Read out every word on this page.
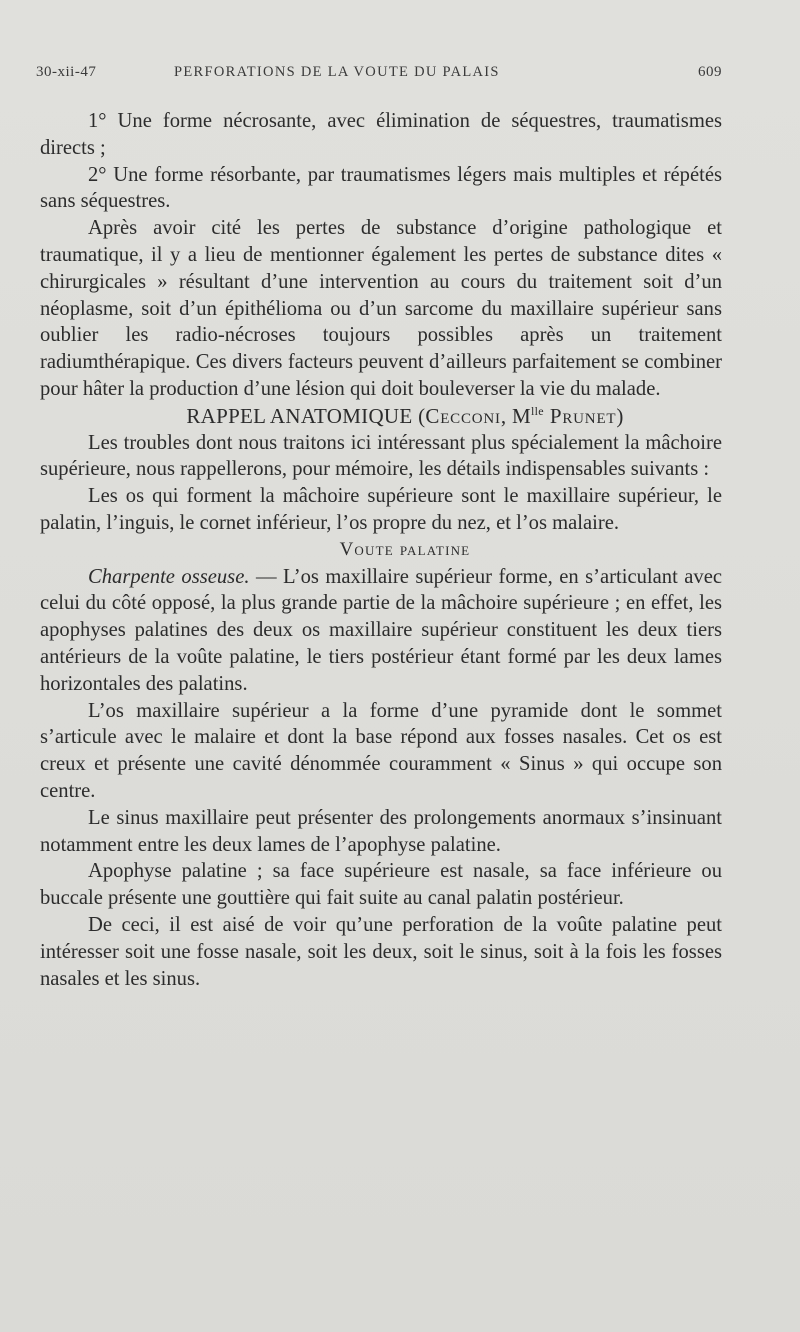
30-xii-47	PERFORATIONS DE LA VOUTE DU PALAIS	609

1° Une forme nécrosante, avec élimination de séquestres, traumatismes directs ;

2° Une forme résorbante, par traumatismes légers mais multiples et répétés sans séquestres.

Après avoir cité les pertes de substance d’origine pathologique et traumatique, il y a lieu de mentionner également les pertes de substance dites « chirurgicales » résultant d’une intervention au cours du traitement soit d’un néoplasme, soit d’un épithélioma ou d’un sarcome du maxillaire supérieur sans oublier les radio-nécroses toujours possibles après un traitement radiumthérapique. Ces divers facteurs peuvent d’ailleurs parfaitement se combiner pour hâter la production d’une lésion qui doit bouleverser la vie du malade.

RAPPEL ANATOMIQUE (Cecconi, $M^{lle}$ Prunet)

Les troubles dont nous traitons ici intéressant plus spécialement la mâchoire supérieure, nous rappellerons, pour mémoire, les détails indispensables suivants :

Les os qui forment la mâchoire supérieure sont le maxillaire supérieur, le palatin, l’inguis, le cornet inférieur, l’os propre du nez, et l’os malaire.

Voute palatine

Charpente osseuse. — L’os maxillaire supérieur forme, en s’articulant avec celui du côté opposé, la plus grande partie de la mâchoire supérieure ; en effet, les apophyses palatines des deux os maxillaire supérieur constituent les deux tiers antérieurs de la voûte palatine, le tiers postérieur étant formé par les deux lames horizontales des palatins.

L’os maxillaire supérieur a la forme d’une pyramide dont le sommet s’articule avec le malaire et dont la base répond aux fosses nasales. Cet os est creux et présente une cavité dénommée couramment « Sinus » qui occupe son centre.

Le sinus maxillaire peut présenter des prolongements anormaux s’insinuant notamment entre les deux lames de l’apophyse palatine.

Apophyse palatine ; sa face supérieure est nasale, sa face inférieure ou buccale présente une gouttière qui fait suite au canal palatin postérieur.

De ceci, il est aisé de voir qu’une perforation de la voûte palatine peut intéresser soit une fosse nasale, soit les deux, soit le sinus, soit à la fois les fosses nasales et les sinus.
